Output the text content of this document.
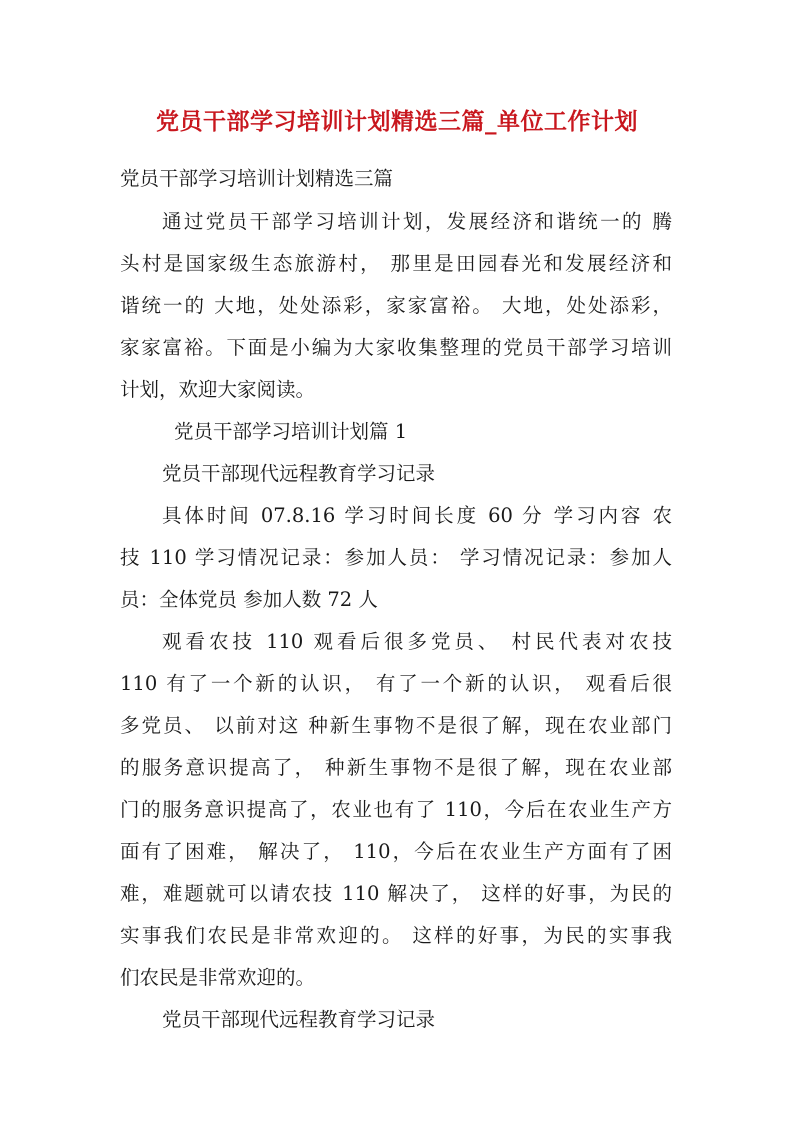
党员干部学习培训计划精选三篇_单位工作计划
党员干部学习培训计划精选三篇
通过党员干部学习培训计划，发展经济和谐统一的 腾
头村是国家级生态旅游村， 那里是田园春光和发展经济和
谐统一的 大地，处处添彩，家家富裕。 大地，处处添彩，
家家富裕。下面是小编为大家收集整理的党员干部学习培训
计划，欢迎大家阅读。
党员干部学习培训计划篇 1
党员干部现代远程教育学习记录
具体时间 07.8.16 学习时间长度 60 分 学习内容 农
技 110 学习情况记录：参加人员： 学习情况记录：参加人
员：全体党员 参加人数 72 人
观看农技 110 观看后很多党员、 村民代表对农技
110 有了一个新的认识， 有了一个新的认识， 观看后很
多党员、 以前对这 种新生事物不是很了解，现在农业部门
的服务意识提高了， 种新生事物不是很了解，现在农业部
门的服务意识提高了，农业也有了 110，今后在农业生产方
面有了困难， 解决了， 110，今后在农业生产方面有了困
难，难题就可以请农技 110 解决了， 这样的好事，为民的
实事我们农民是非常欢迎的。 这样的好事，为民的实事我
们农民是非常欢迎的。
党员干部现代远程教育学习记录
